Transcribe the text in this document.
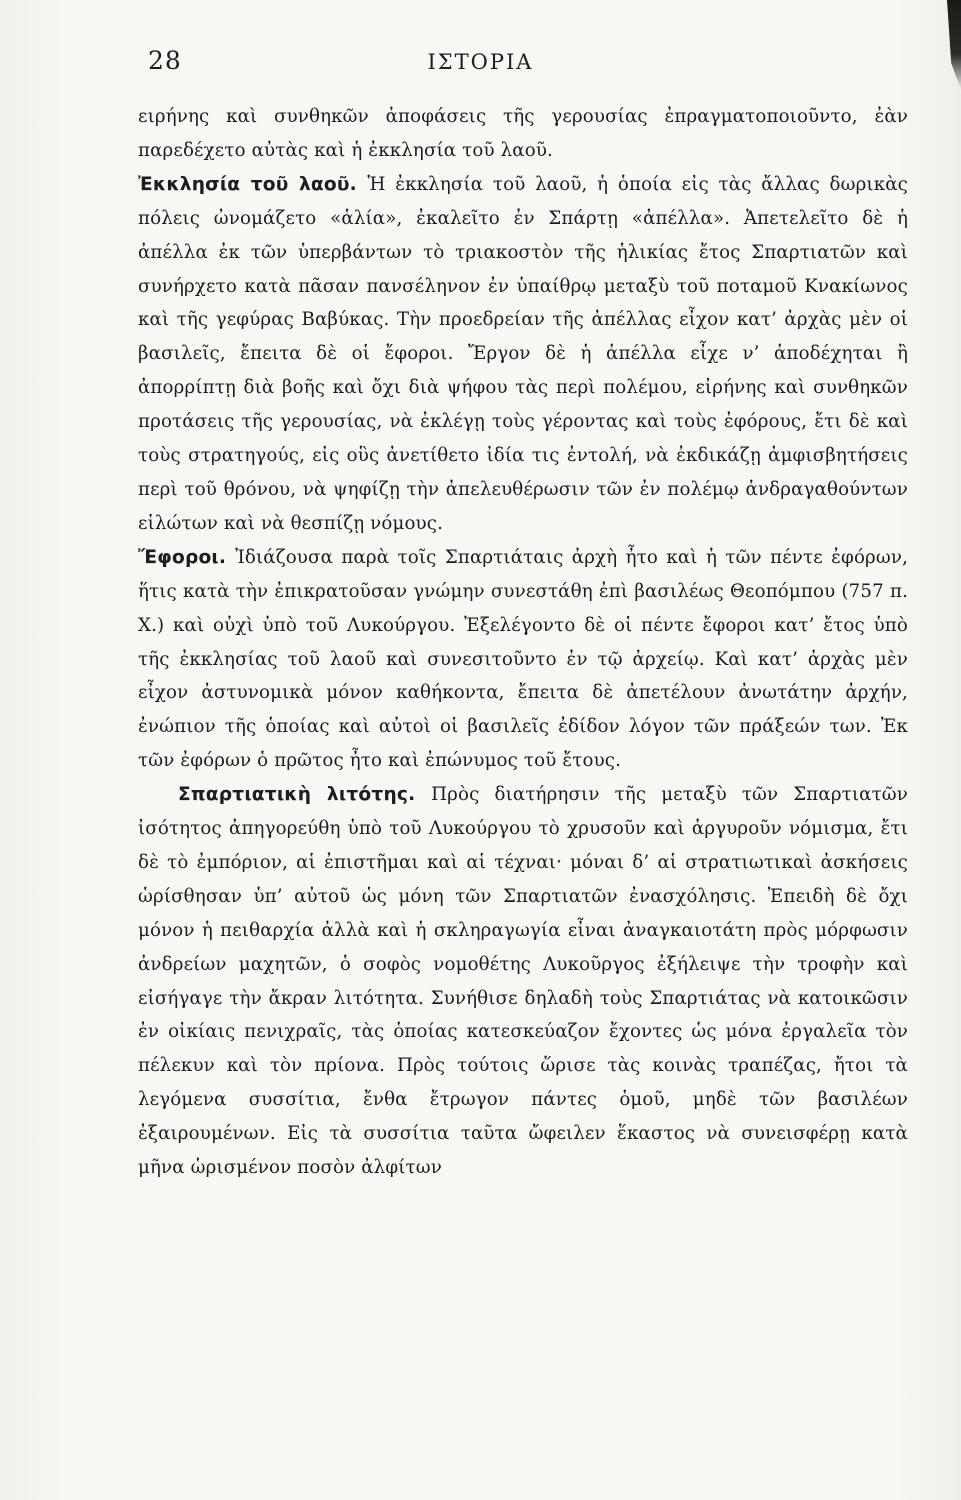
28	ΙΣΤΟΡΙΑ

ειρήνης καὶ συνθηκῶν ἀποφάσεις τῆς γερουσίας ἐπραγματοποιοῦντο, ἐὰν παρεδέχετο αὐτὰς καὶ ἡ ἐκκλησία τοῦ λαοῦ.

Ἐκκλησία τοῦ λαοῦ. Ἡ ἐκκλησία τοῦ λαοῦ, ἡ ὁποία εἰς τὰς ἄλλας δωρικὰς πόλεις ὠνομάζετο «ἁλία», ἐκαλεῖτο ἐν Σπάρτῃ «ἀπέλλα». Ἀπετελεῖτο δὲ ἡ ἀπέλλα ἐκ τῶν ὑπερβάντων τὸ τριακοστὸν τῆς ἡλικίας ἔτος Σπαρτιατῶν καὶ συνήρχετο κατὰ πᾶσαν πανσέληνον ἐν ὑπαίθρῳ μεταξὺ τοῦ ποταμοῦ Κνακίωνος καὶ τῆς γεφύρας Βαβύκας. Τὴν προεδρείαν τῆς ἀπέλλας εἶχον κατ’ ἀρχὰς μὲν οἱ βασιλεῖς, ἔπειτα δὲ οἱ ἔφοροι. Ἔργον δὲ ἡ ἀπέλλα εἶχε ν’ ἀποδέχηται ἢ ἀπορρίπτῃ διὰ βοῆς καὶ ὄχι διὰ ψήφου τὰς περὶ πολέμου, εἰρήνης καὶ συνθηκῶν προτάσεις τῆς γερουσίας, νὰ ἐκλέγῃ τοὺς γέροντας καὶ τοὺς ἐφόρους, ἔτι δὲ καὶ τοὺς στρατηγούς, εἰς οὓς ἀνετίθετο ἰδία τις ἐντολή, νὰ ἐκδικάζῃ ἀμφισβητήσεις περὶ τοῦ θρόνου, νὰ ψηφίζῃ τὴν ἀπελευθέρωσιν τῶν ἐν πολέμῳ ἀνδραγαθούντων εἱλώτων καὶ νὰ θεσπίζῃ νόμους.

Ἔφοροι. Ἰδιάζουσα παρὰ τοῖς Σπαρτιάταις ἀρχὴ ἦτο καὶ ἡ τῶν πέντε ἐφόρων, ἥτις κατὰ τὴν ἐπικρατοῦσαν γνώμην συνεστάθη ἐπὶ βασιλέως Θεοπόμπου (757 π. Χ.) καὶ οὐχὶ ὑπὸ τοῦ Λυκούργου. Ἐξελέγοντο δὲ οἱ πέντε ἔφοροι κατ’ ἔτος ὑπὸ τῆς ἐκκλησίας τοῦ λαοῦ καὶ συνεσιτοῦντο ἐν τῷ ἀρχείῳ. Καὶ κατ’ ἀρχὰς μὲν εἶχον ἀστυνομικὰ μόνον καθήκοντα, ἔπειτα δὲ ἀπετέλουν ἀνωτάτην ἀρχήν, ἐνώπιον τῆς ὁποίας καὶ αὐτοὶ οἱ βασιλεῖς ἐδίδον λόγον τῶν πράξεών των. Ἐκ τῶν ἐφόρων ὁ πρῶτος ἦτο καὶ ἐπώνυμος τοῦ ἔτους.

Σπαρτιατικὴ λιτότης. Πρὸς διατήρησιν τῆς μεταξὺ τῶν Σπαρτιατῶν ἰσότητος ἀπηγορεύθη ὑπὸ τοῦ Λυκούργου τὸ χρυσοῦν καὶ ἀργυροῦν νόμισμα, ἔτι δὲ τὸ ἐμπόριον, αἱ ἐπιστῆμαι καὶ αἱ τέχναι· μόναι δ’ αἱ στρατιωτικαὶ ἀσκήσεις ὡρίσθησαν ὑπ’ αὐτοῦ ὡς μόνη τῶν Σπαρτιατῶν ἐνασχόλησις. Ἐπειδὴ δὲ ὄχι μόνον ἡ πειθαρχία ἀλλὰ καὶ ἡ σκληραγωγία εἶναι ἀναγκαιοτάτη πρὸς μόρφωσιν ἀνδρείων μαχητῶν, ὁ σοφὸς νομοθέτης Λυκοῦργος ἐξήλειψε τὴν τροφὴν καὶ εἰσήγαγε τὴν ἄκραν λιτότητα. Συνήθισε δηλαδὴ τοὺς Σπαρτιάτας νὰ κατοικῶσιν ἐν οἰκίαις πενιχραῖς, τὰς ὁποίας κατεσκεύαζον ἔχοντες ὡς μόνα ἐργαλεῖα τὸν πέλεκυν καὶ τὸν πρίονα. Πρὸς τούτοις ὥρισε τὰς κοινὰς τραπέζας, ἤτοι τὰ λεγόμενα συσσίτια, ἔνθα ἔτρωγον πάντες ὁμοῦ, μηδὲ τῶν βασιλέων ἐξαιρουμένων. Εἰς τὰ συσσίτια ταῦτα ὤφειλεν ἕκαστος νὰ συνεισφέρῃ κατὰ μῆνα ὡρισμένον ποσὸν ἀλφίτων
